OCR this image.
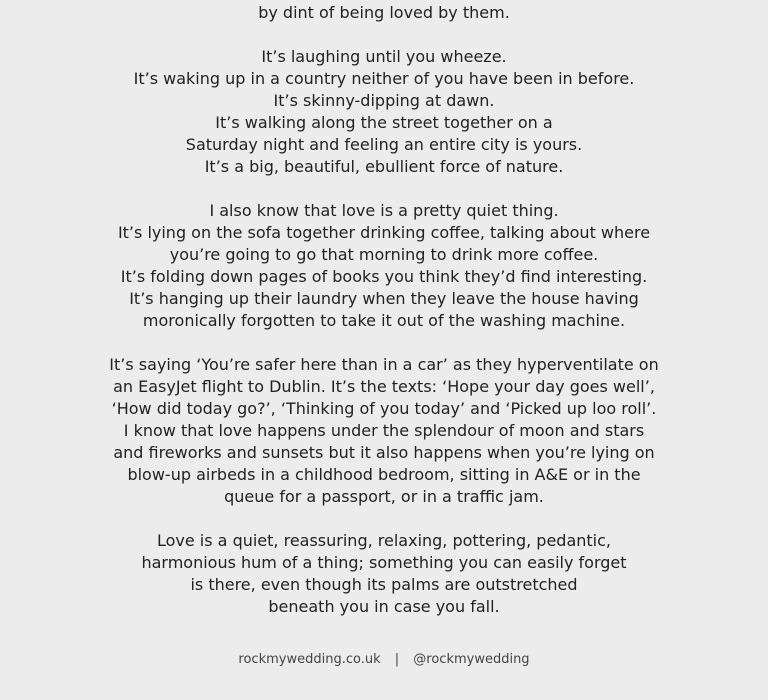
by dint of being loved by them.
It’s laughing until you wheeze.
It’s waking up in a country neither of you have been in before.
It’s skinny-dipping at dawn.
It’s walking along the street together on a
Saturday night and feeling an entire city is yours.
It’s a big, beautiful, ebullient force of nature.
I also know that love is a pretty quiet thing.
It’s lying on the sofa together drinking coffee, talking about where
you’re going to go that morning to drink more coffee.
It’s folding down pages of books you think they’d find interesting.
It’s hanging up their laundry when they leave the house having
moronically forgotten to take it out of the washing machine.
It’s saying ‘You’re safer here than in a car’ as they hyperventilate on
an EasyJet flight to Dublin. It’s the texts: ‘Hope your day goes well’,
‘How did today go?’, ‘Thinking of you today’ and ‘Picked up loo roll’.
I know that love happens under the splendour of moon and stars
and fireworks and sunsets but it also happens when you’re lying on
blow-up airbeds in a childhood bedroom, sitting in A&E or in the
queue for a passport, or in a traffic jam.
Love is a quiet, reassuring, relaxing, pottering, pedantic,
harmonious hum of a thing; something you can easily forget
is there, even though its palms are outstretched
beneath you in case you fall.
rockmywedding.co.uk | @rockmywedding
